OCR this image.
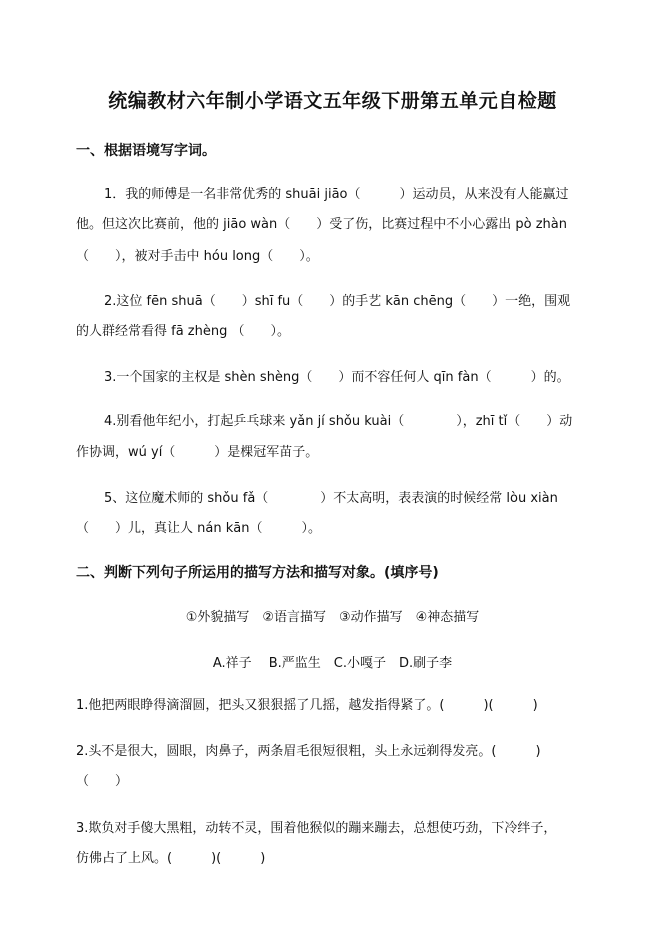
统编教材六年制小学语文五年级下册第五单元自检题
一、根据语境写字词。
1．我的师傅是一名非常优秀的 shuāi jiāo（　　　）运动员，从来没有人能赢过
他。但这次比赛前，他的 jiāo wàn（　　）受了伤，比赛过程中不小心露出 pò zhàn
（　　），被对手击中 hóu long（　　）。
2.这位 fēn shuā（　　）shī fu（　　）的手艺 kān chēng（　　）一绝，围观
的人群经常看得 fā zhèng （　　）。
3.一个国家的主权是 shèn shèng（　　）而不容任何人 qīn fàn（　　　）的。
4.别看他年纪小，打起乒乓球来 yǎn jí shǒu kuài（　　　　），zhī tǐ（　　）动
作协调，wú yí（　　　）是棵冠军苗子。
5、这位魔术师的 shǒu fǎ（　　　　）不太高明，表表演的时候经常 lòu xiàn
（　　）儿，真让人 nán kān（　　　）。
二、判断下列句子所运用的描写方法和描写对象。(填序号)
①外貌描写　②语言描写　③动作描写　④神态描写
A.祥子　 B.严监生　C.小嘎子　D.刷子李
1.他把两眼睁得滴溜圆，把头又狠狠摇了几摇，越发指得紧了。(　　　)(　　　)
2.头不是很大，圆眼，肉鼻子，两条眉毛很短很粗，头上永远剃得发亮。(　　　)
（　　）
3.欺负对手傻大黑粗，动转不灵，围着他猴似的蹦来蹦去，总想使巧劲，下冷绊子，
仿佛占了上风。(　　　)(　　　)
